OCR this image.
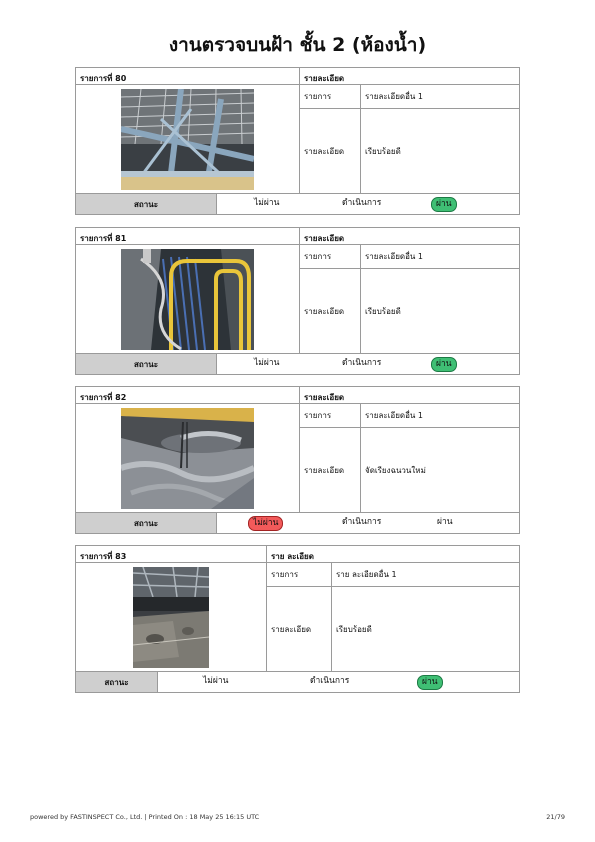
งานตรวจบนฝ้า ชั้น 2 (ห้องน้ำ)
รายการที่ 80	รายละเอียด
รายการ	รายละเอียดอื่น 1
รายละเอียด	เรียบร้อยดี
สถานะ	ไม่ผ่าน	ดำเนินการ	ผ่าน
รายการที่ 81	รายละเอียด
รายการ	รายละเอียดอื่น 1
รายละเอียด	เรียบร้อยดี
สถานะ	ไม่ผ่าน	ดำเนินการ	ผ่าน
รายการที่ 82	รายละเอียด
รายการ	รายละเอียดอื่น 1
รายละเอียด	จัดเรียงฉนวนใหม่
สถานะ	ไม่ผ่าน	ดำเนินการ	ผ่าน
รายการที่ 83	ราย ละเอียด
รายการ	ราย ละเอียดอื่น 1
รายละเอียด	เรียบร้อยดี
สถานะ	ไม่ผ่าน	ดำเนินการ	ผ่าน
powered by FASTINSPECT Co., Ltd. | Printed On : 18 May 25 16:15 UTC	21/79
